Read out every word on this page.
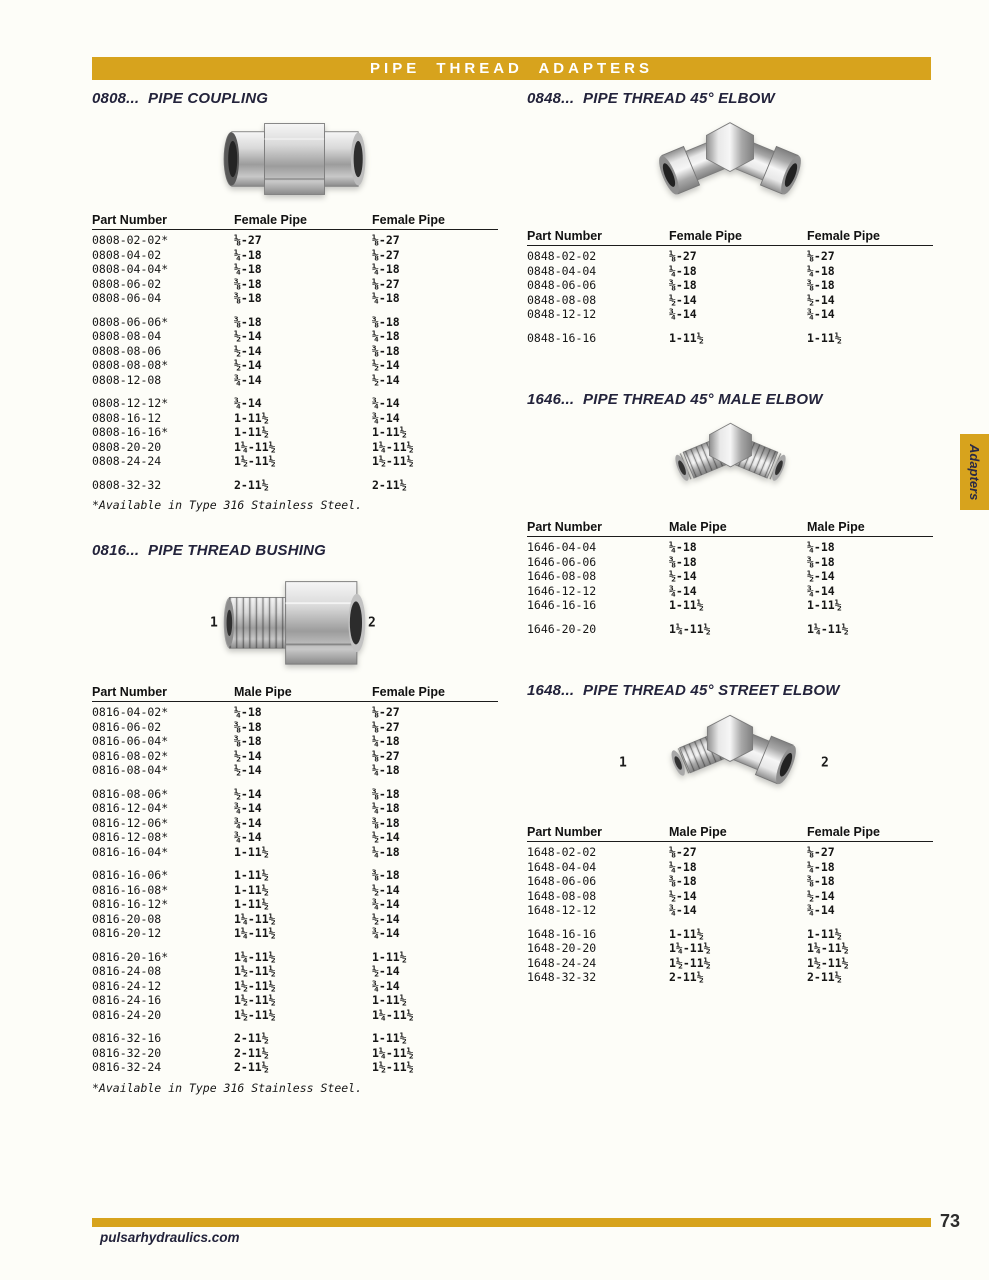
PIPE THREAD ADAPTERS
0808...  PIPE COUPLING
Part Number	Female Pipe	Female Pipe
0808-02-02*	⅛-27	⅛-27
0808-04-02	¼-18	⅛-27
0808-04-04*	¼-18	¼-18
0808-06-02	⅜-18	⅛-27
0808-06-04	⅜-18	¼-18
0808-06-06*	⅜-18	⅜-18
0808-08-04	½-14	¼-18
0808-08-06	½-14	⅜-18
0808-08-08*	½-14	½-14
0808-12-08	¾-14	½-14
0808-12-12*	¾-14	¾-14
0808-16-12	1-11½	¾-14
0808-16-16*	1-11½	1-11½
0808-20-20	1¼-11½	1¼-11½
0808-24-24	1½-11½	1½-11½
0808-32-32	2-11½	2-11½
*Available in Type 316 Stainless Steel.
0816...  PIPE THREAD BUSHING
1	2
Part Number	Male Pipe	Female Pipe
0816-04-02*	¼-18	⅛-27
0816-06-02	⅜-18	⅛-27
0816-06-04*	⅜-18	¼-18
0816-08-02*	½-14	⅛-27
0816-08-04*	½-14	¼-18
0816-08-06*	½-14	⅜-18
0816-12-04*	¾-14	¼-18
0816-12-06*	¾-14	⅜-18
0816-12-08*	¾-14	½-14
0816-16-04*	1-11½	¼-18
0816-16-06*	1-11½	⅜-18
0816-16-08*	1-11½	½-14
0816-16-12*	1-11½	¾-14
0816-20-08	1¼-11½	½-14
0816-20-12	1¼-11½	¾-14
0816-20-16*	1¼-11½	1-11½
0816-24-08	1½-11½	½-14
0816-24-12	1½-11½	¾-14
0816-24-16	1½-11½	1-11½
0816-24-20	1½-11½	1¼-11½
0816-32-16	2-11½	1-11½
0816-32-20	2-11½	1¼-11½
0816-32-24	2-11½	1½-11½
*Available in Type 316 Stainless Steel.
0848...  PIPE THREAD 45° ELBOW
Part Number	Female Pipe	Female Pipe
0848-02-02	⅛-27	⅛-27
0848-04-04	¼-18	¼-18
0848-06-06	⅜-18	⅜-18
0848-08-08	½-14	½-14
0848-12-12	¾-14	¾-14
0848-16-16	1-11½	1-11½
1646...  PIPE THREAD 45° MALE ELBOW
Part Number	Male Pipe	Male Pipe
1646-04-04	¼-18	¼-18
1646-06-06	⅜-18	⅜-18
1646-08-08	½-14	½-14
1646-12-12	¾-14	¾-14
1646-16-16	1-11½	1-11½
1646-20-20	1¼-11½	1¼-11½
1648...  PIPE THREAD 45° STREET ELBOW
1	2
Part Number	Male Pipe	Female Pipe
1648-02-02	⅛-27	⅛-27
1648-04-04	¼-18	¼-18
1648-06-06	⅜-18	⅜-18
1648-08-08	½-14	½-14
1648-12-12	¾-14	¾-14
1648-16-16	1-11½	1-11½
1648-20-20	1¼-11½	1¼-11½
1648-24-24	1½-11½	1½-11½
1648-32-32	2-11½	2-11½
Adapters
pulsarhydraulics.com
73
